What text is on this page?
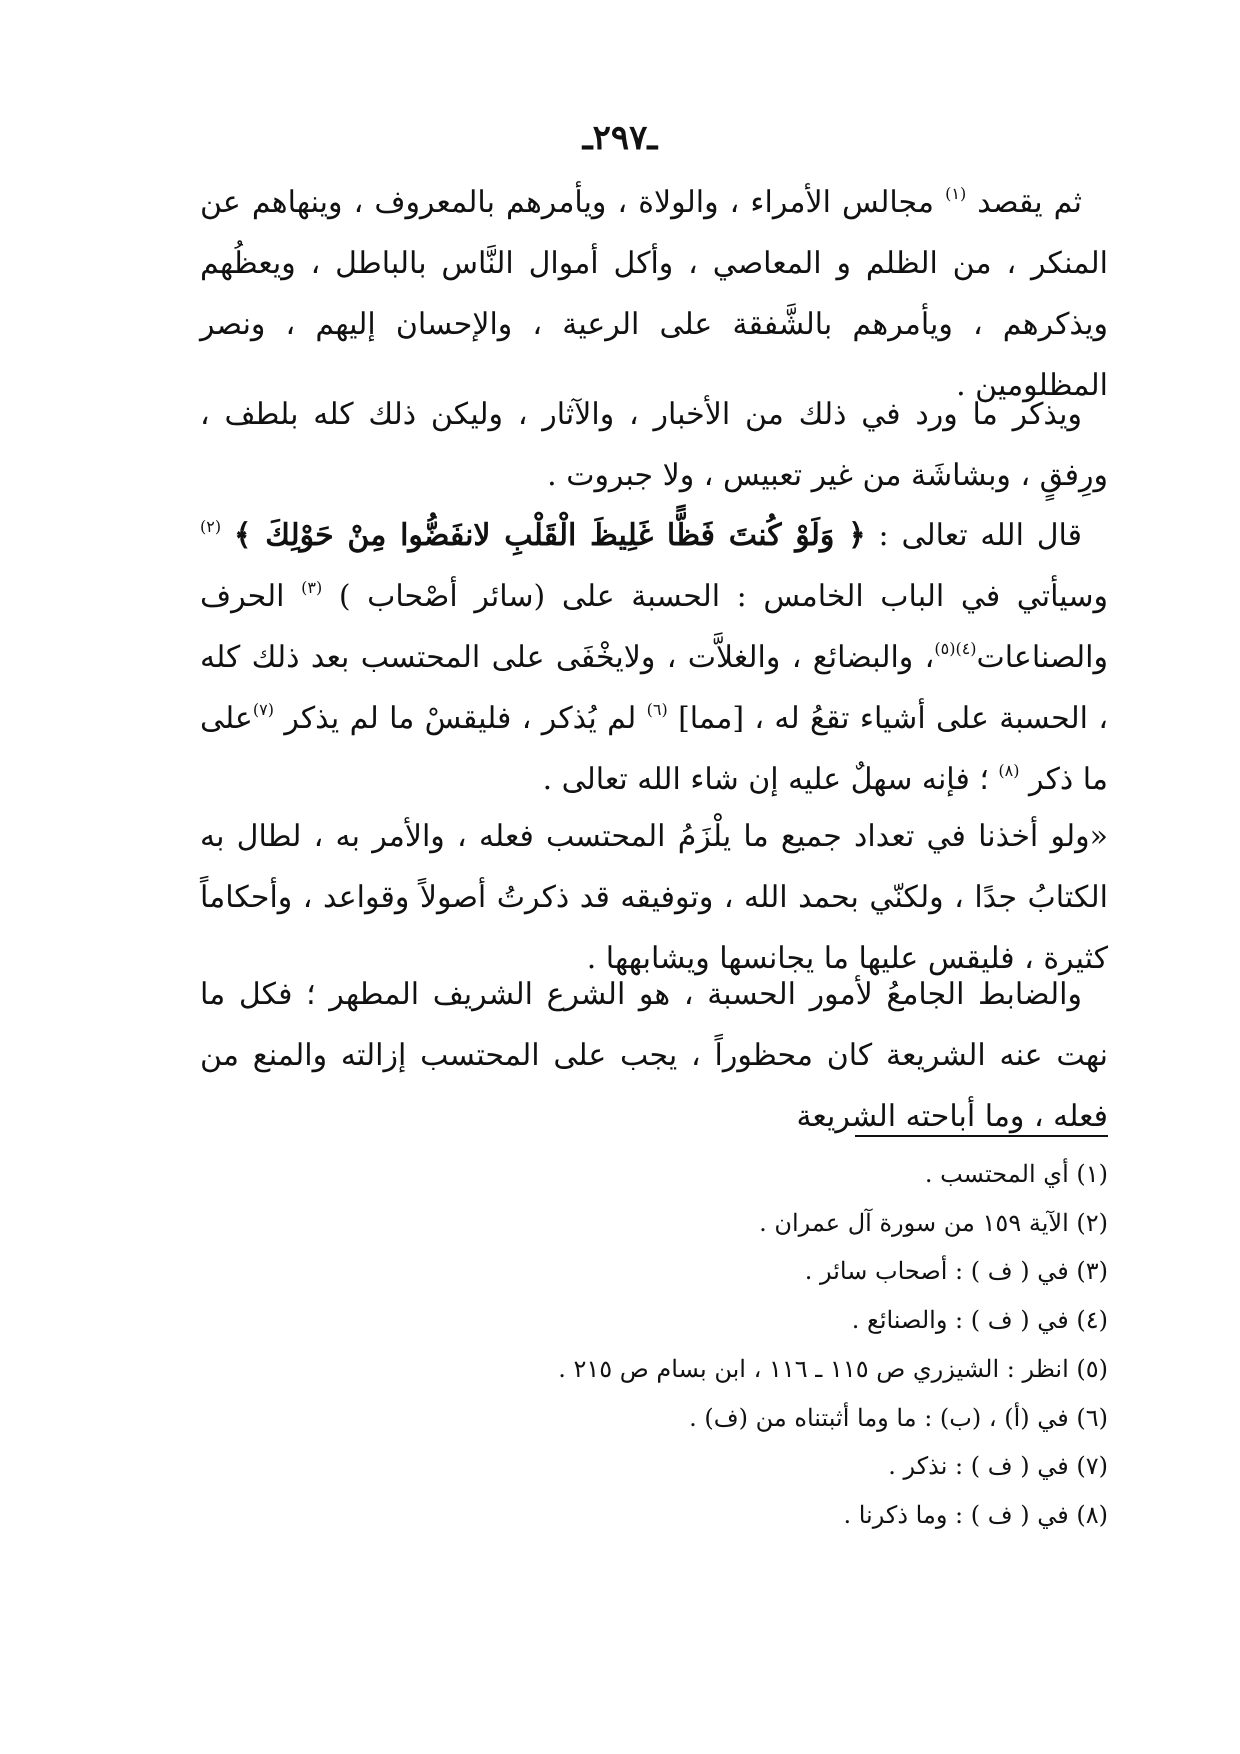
ـ٢٩٧ـ

ثم يقصد $^{(١)}$ مجالس الأمراء ، والولاة ، ويأمرهم بالمعروف ، وينهاهم عن المنكر ، من الظلم و المعاصي ، وأكل أموال النَّاس بالباطل ، ويعظُهم ويذكرهم ، ويأمرهم بالشَّفقة على الرعية ، والإحسان إليهم ، ونصر المظلومين .

ويذكر ما ورد في ذلك من الأخبار ، والآثار ، وليكن ذلك كله بلطف ، ورِفقٍ ، وبشاشَة من غير تعبيس ، ولا جبروت .

قال الله تعالى : ﴿ وَلَوْ كُنتَ فَظًّا غَلِيظَ الْقَلْبِ لانفَضُّوا مِنْ حَوْلِكَ ﴾ $^{(٢)}$ وسيأتي في الباب الخامس : الحسبة على (سائر أصْحاب ) $^{(٣)}$ الحرف والصناعات$^{(٤)(٥)}$، والبضائع ، والغلاَّت ، ولايخْفَى على المحتسب بعد ذلك كله ، الحسبة على أشياء تقعُ له ، [مما] $^{(٦)}$ لم يُذكر ، فليقسْ ما لم يذكر $^{(٧)}$على ما ذكر $^{(٨)}$ ؛ فإنه سهلٌ عليه إن شاء الله تعالى .

«ولو أخذنا في تعداد جميع ما يلْزَمُ المحتسب فعله ، والأمر به ، لطال به الكتابُ جدًا ، ولكنّي بحمد الله ، وتوفيقه قد ذكرتُ أصولاً وقواعد ، وأحكاماً كثيرة ، فليقس عليها ما يجانسها ويشابهها .

والضابط الجامعُ لأمور الحسبة ، هو الشرع الشريف المطهر ؛ فكل ما نهت عنه الشريعة كان محظوراً ، يجب على المحتسب إزالته والمنع من فعله ، وما أباحته الشريعة

(١) أي المحتسب .
(٢) الآية ١٥٩ من سورة آل عمران .
(٣) في ( ف ) : أصحاب سائر .
(٤) في ( ف ) : والصنائع .
(٥) انظر : الشيزري ص ١١٥ ـ ١١٦ ، ابن بسام ص ٢١٥ .
(٦) في (أ) ، (ب) : ما وما أثبتناه من (ف) .
(٧) في ( ف ) : نذكر .
(٨) في ( ف ) : وما ذكرنا .
